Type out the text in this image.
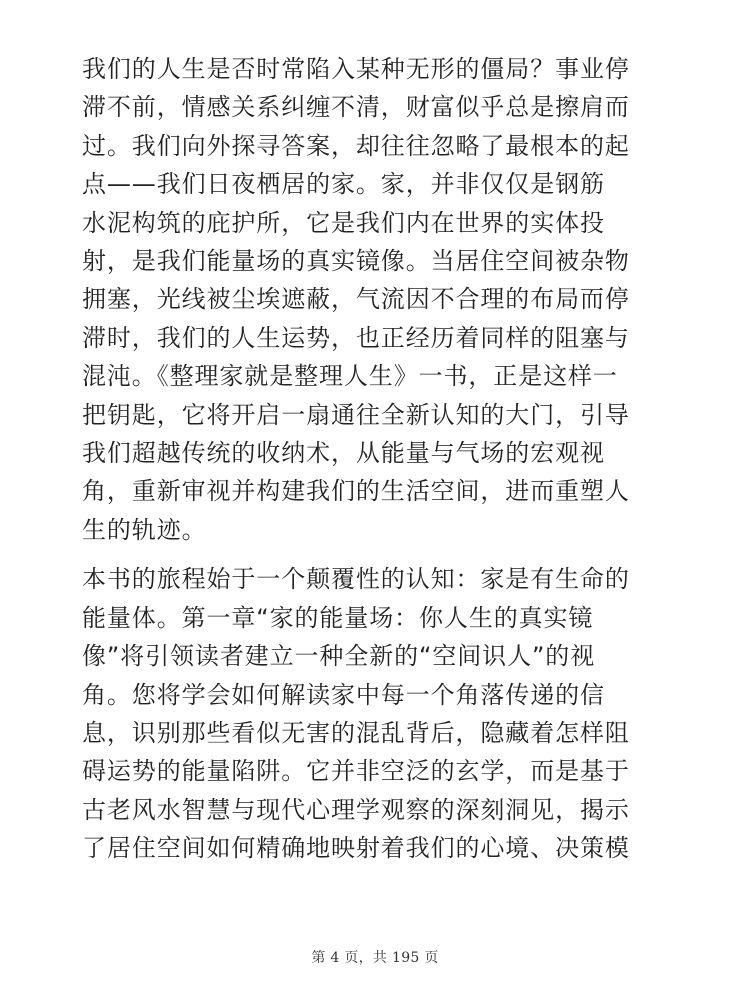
我们的人生是否时常陷入某种无形的僵局？事业停
滞不前，情感关系纠缠不清，财富似乎总是擦肩而
过。我们向外探寻答案，却往往忽略了最根本的起
点——我们日夜栖居的家。家，并非仅仅是钢筋
水泥构筑的庇护所，它是我们内在世界的实体投
射，是我们能量场的真实镜像。当居住空间被杂物
拥塞，光线被尘埃遮蔽，气流因不合理的布局而停
滞时，我们的人生运势，也正经历着同样的阻塞与
混沌。《整理家就是整理人生》一书，正是这样一
把钥匙，它将开启一扇通往全新认知的大门，引导
我们超越传统的收纳术，从能量与气场的宏观视
角，重新审视并构建我们的生活空间，进而重塑人
生的轨迹。

本书的旅程始于一个颠覆性的认知：家是有生命的
能量体。第一章“家的能量场：你人生的真实镜
像”将引领读者建立一种全新的“空间识人”的视
角。您将学会如何解读家中每一个角落传递的信
息，识别那些看似无害的混乱背后，隐藏着怎样阻
碍运势的能量陷阱。它并非空泛的玄学，而是基于
古老风水智慧与现代心理学观察的深刻洞见，揭示
了居住空间如何精确地映射着我们的心境、决策模

第 4 页，共 195 页
